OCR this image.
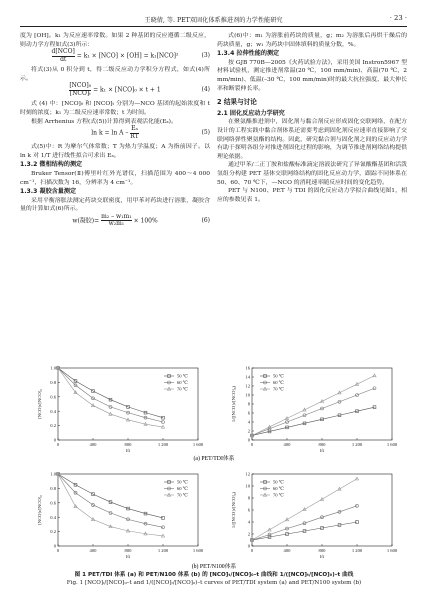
王晓倩, 等. PET双固化体系推进剂的力学性能研究	· 23 ·

度为 [OH]。k₁ 为反应速率常数。如果 2 种基团的反应遵循二级反应，则动力学方程如式(3)所示：

$\frac{\text{d[NCO]}}{dt} = k_1 \times [NCO] \times [OH] = k_1[NCO]^2$	(3)

将式(3)从 0 积分到 t，得二级反应动力学积分方程式，如式(4)所示。

$\frac{\text{[NCO]₀}}{\text{[NCO]ₜ}} = k_1 \times [NCO]_0 \times t + 1$	(4)

式 (4) 中：[NCO]₀ 和 [NCO]ₜ 分别为—NCO 基团的起始浓度和 t 时刻的浓度；k₁ 为二级反应速率常数；t 为时间。

根据 Arrhenius 方程(式(5))计算得到表观活化能(Eₐ)。

$\ln k = \ln A - \frac{\text{Eₐ}}{RT}$	(5)

式(5)中：R 为摩尔气体常数；T 为热力学温度；A 为指前因子。以 ln k 对 1/T 进行线性拟合可求出 Eₐ。

1.3.2 微相结构的测定

Bruker Tensor(Ⅱ)傅里叶红外光谱仪，扫描范围为 400～4 000 cm⁻¹，扫描次数为 16，分辨率为 4 cm⁻¹。

1.3.3 凝胶含量测定

采用平衡溶胀法测定药块交联密度，用甲苯对药块进行溶胀，凝胶含量的计算如式(6)所示。

w(凝胶)= $\frac{\text{m₂ – w₁m₁}}{\text{w₂m₁}} \times 100\%$	(6)

式(6)中：m₁ 为溶胀前药块的质量，g；m₂ 为溶胀后再烘干燥后的药块质量，g；w₁ 为药块中固体填料的质量分数，%。

1.3.4 拉伸性能的测定

按 GJB 770B—2005《火药试验方法》，采用美国 Instron5967 型材料试验机，测定推进剂常温(20 ℃，100 mm/min)、高温(70 ℃，2 mm/min)、低温(–30 ℃，100 mm/min)时的最大抗拉强度、最大伸长率和断裂伸长率。

2 结果与讨论
2.1 固化反应动力学研究

在聚氨酯推进剂中，固化剂与黏合剂反应形成固化交联网络，在配方设计的工程实践中黏合剂体系还需要考虑到固化剂反应速率直接影响了交联网络弹性聚氨酯的结构。因此，研究黏合剂与固化剂之间的反应动力学有助于探明各组分对推进剂固化过程的影响，为调节推进剂网络结构提供理论依据。

通过甲苯/二正丁胺和盐酸标准滴定溶液法研究了异氰酸酯基团和活泼氢组分构建 PET 基体交联网络结构的固化反应动力学，跟踪不同体系在 50、60、70 ℃下，—NCO 的消耗速率随反应时间的变化趋势。

PET 与 N100、PET 与 TDI 的固化反应动力学拟合曲线见图1，相应的参数见表 1。

(a) PET/TDI体系
(b) PET/N100体系
0	400	800	1 200	1 600
0
0.2
0.4
0.6
0.8
1.0
t/s
[NCO]ₜ/[NCO]₀
50 ℃
60 ℃
70 ℃
0	400	800	1 200	1 600
0
2
4
6
8
10
12
14
16
t/s
1/([NCO]ₜ/[NCO]₀)
50 ℃
60 ℃
70 ℃
0	400	800	1 200	1 600
0
0.2
0.4
0.6
0.8
1.0
t/s
[NCO]ₜ/[NCO]₀
50 ℃
60 ℃
70 ℃
0	400	800	1 200	1 600
0
2
4
6
8
10
12
t/s
1/([NCO]ₜ/[NCO]₀)
50 ℃
60 ℃
70 ℃
图 1 PET/TDI 体系 (a) 和 PET/N100 体系 (b) 的 [NCO]ₜ/[NCO]₀–t 曲线和 1/([NCO]ₜ/[NCO]₀)–t 曲线
Fig. 1 [NCO]ₜ/[NCO]₀–t and 1/([NCO]ₜ/[NCO]₀)–t curves of PET/TDI system (a) and PET/N100 system (b)
